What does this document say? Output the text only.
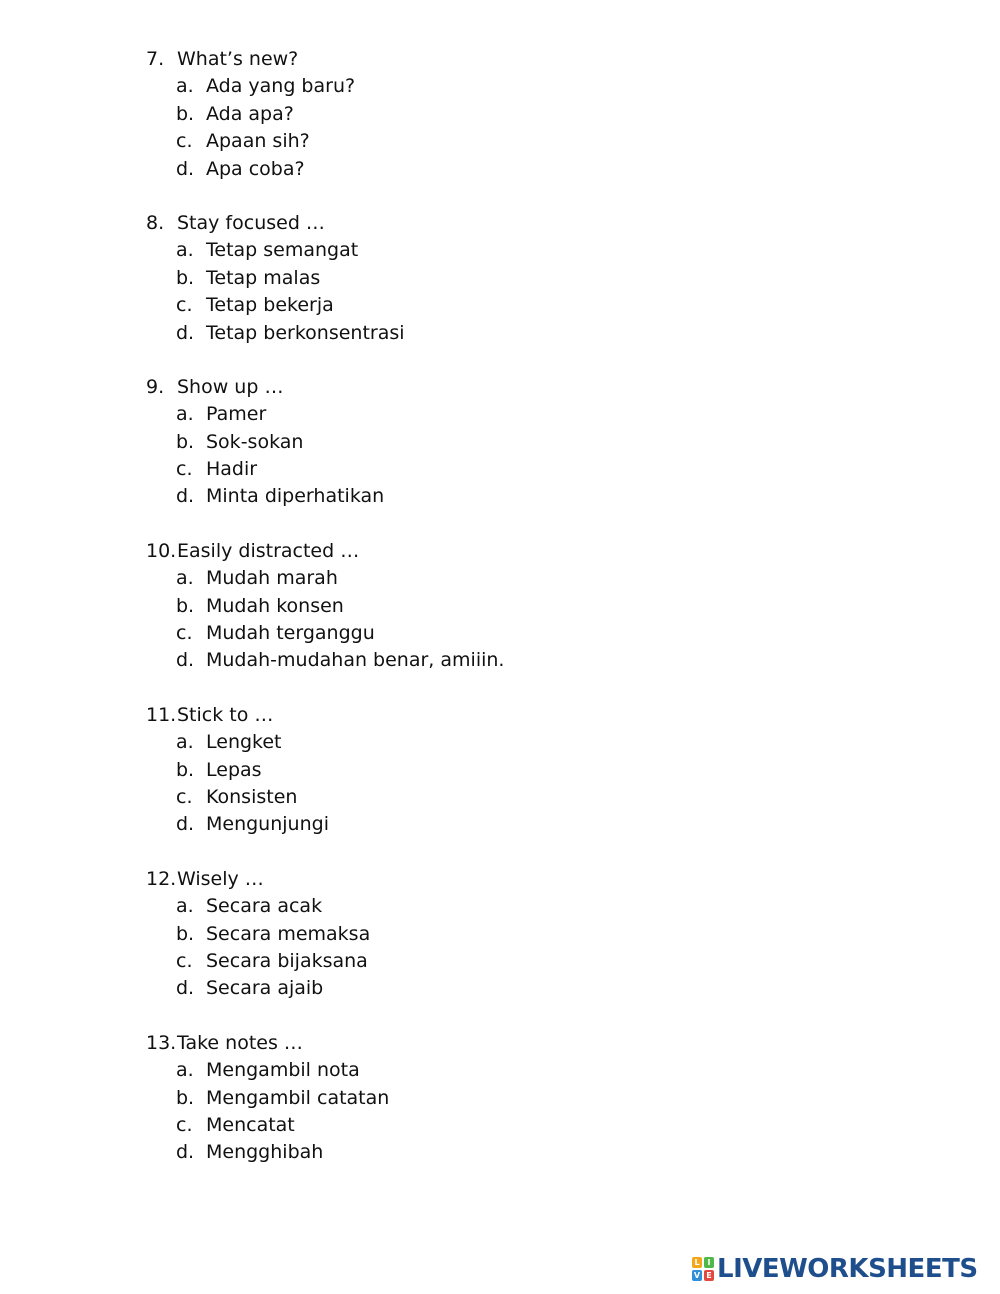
7. What’s new?
a. Ada yang baru?
b. Ada apa?
c. Apaan sih?
d. Apa coba?
8. Stay focused …
a. Tetap semangat
b. Tetap malas
c. Tetap bekerja
d. Tetap berkonsentrasi
9. Show up …
a. Pamer
b. Sok-sokan
c. Hadir
d. Minta diperhatikan
10. Easily distracted …
a. Mudah marah
b. Mudah konsen
c. Mudah terganggu
d. Mudah-mudahan benar, amiiin.
11. Stick to …
a. Lengket
b. Lepas
c. Konsisten
d. Mengunjungi
12. Wisely …
a. Secara acak
b. Secara memaksa
c. Secara bijaksana
d. Secara ajaib
13. Take notes …
a. Mengambil nota
b. Mengambil catatan
c. Mencatat
d. Mengghibah
L I
V E LIVEWORKSHEETS
